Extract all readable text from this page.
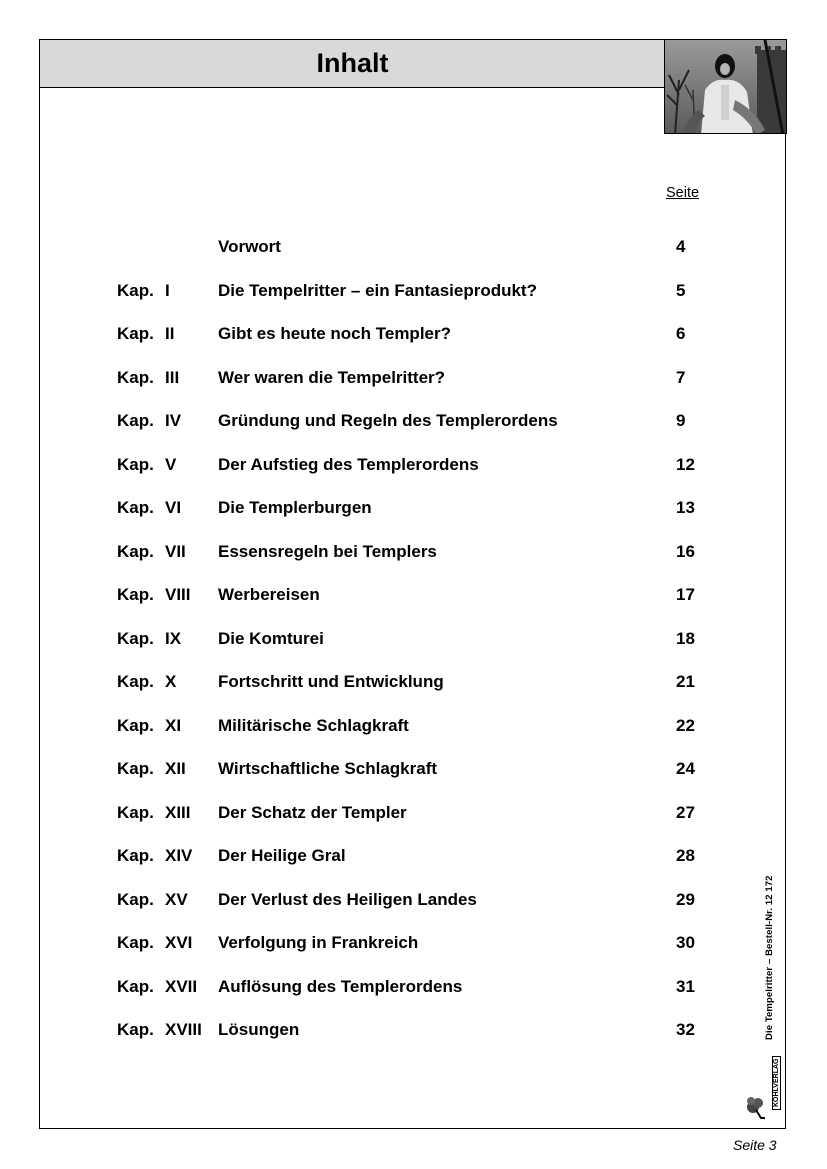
Inhalt
Seite
Vorwort	4
Kap. I	Die Tempelritter – ein Fantasieprodukt?	5
Kap. II	Gibt es heute noch Templer?	6
Kap. III Wer waren die Tempelritter?	7
Kap. IV Gründung und Regeln des Templerordens	9
Kap. V Der Aufstieg des Templerordens	12
Kap. VI Die Templerburgen	13
Kap. VII Essensregeln bei Templers	16
Kap. VIII Werbereisen	17
Kap. IX Die Komturei	18
Kap. X Fortschritt und Entwicklung	21
Kap. XI Militärische Schlagkraft	22
Kap. XII Wirtschaftliche Schlagkraft	24
Kap. XIII Der Schatz der Templer	27
Kap. XIV Der Heilige Gral	28
Kap. XV Der Verlust des Heiligen Landes	29
Kap. XVI Verfolgung in Frankreich	30
Kap. XVII Auflösung des Templerordens	31
Kap. XVIII Lösungen	32	Die Tempelritter – Bestell-Nr. 12 172
KOHLVERLAG
Seite 3
